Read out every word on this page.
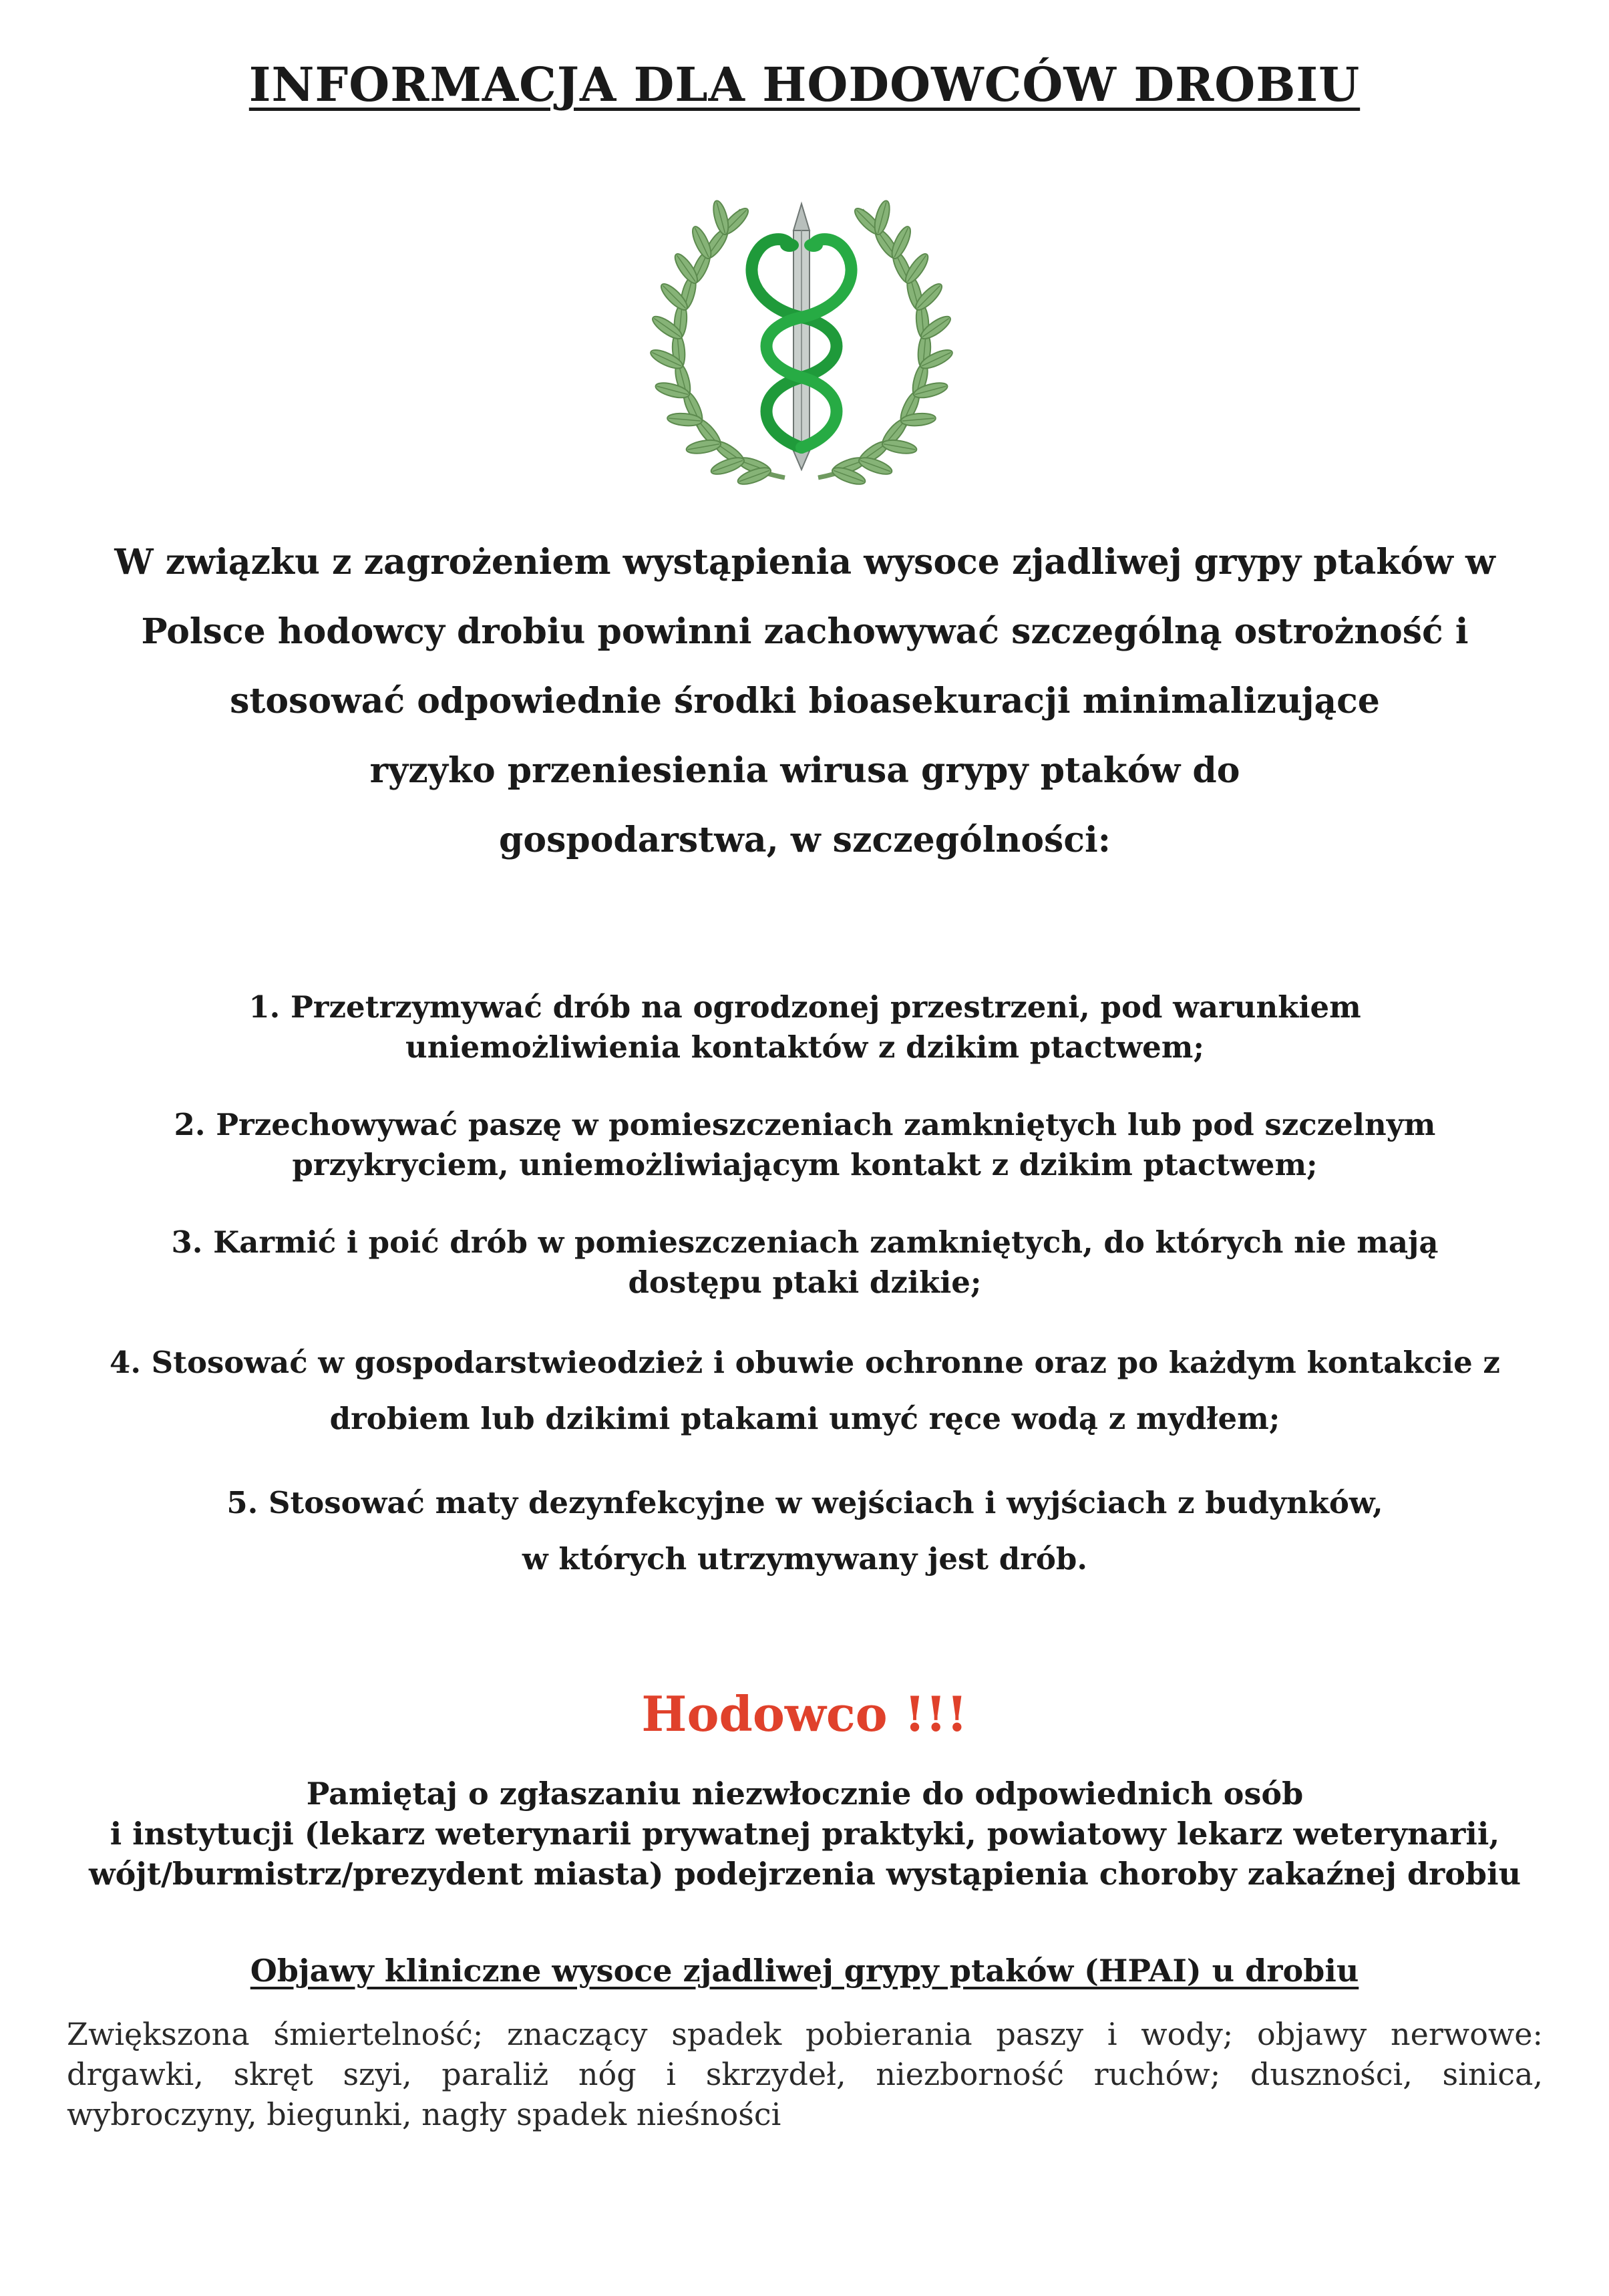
INFORMACJA DLA HODOWCÓW DROBIU
W związku z zagrożeniem wystąpienia wysoce zjadliwej grypy ptaków w
Polsce hodowcy drobiu powinni zachowywać szczególną ostrożność i
stosować odpowiednie środki bioasekuracji minimalizujące
ryzyko przeniesienia wirusa grypy ptaków do
gospodarstwa, w szczególności:
1. Przetrzymywać drób na ogrodzonej przestrzeni, pod warunkiem
uniemożliwienia kontaktów z dzikim ptactwem;
2. Przechowywać paszę w pomieszczeniach zamkniętych lub pod szczelnym
przykryciem, uniemożliwiającym kontakt z dzikim ptactwem;
3. Karmić i poić drób w pomieszczeniach zamkniętych, do których nie mają
dostępu ptaki dzikie;
4. Stosować w gospodarstwieodzież i obuwie ochronne oraz po każdym kontakcie z
drobiem lub dzikimi ptakami umyć ręce wodą z mydłem;
5. Stosować maty dezynfekcyjne w wejściach i wyjściach z budynków,
w których utrzymywany jest drób.
Hodowco !!!
Pamiętaj o zgłaszaniu niezwłocznie do odpowiednich osób
i instytucji (lekarz weterynarii prywatnej praktyki, powiatowy lekarz weterynarii,
wójt/burmistrz/prezydent miasta) podejrzenia wystąpienia choroby zakaźnej drobiu
Objawy kliniczne wysoce zjadliwej grypy ptaków (HPAI) u drobiu
Zwiększona śmiertelność; znaczący spadek pobierania paszy i wody; objawy nerwowe:
drgawki, skręt szyi, paraliż nóg i skrzydeł, niezborność ruchów; duszności, sinica,
wybroczyny, biegunki, nagły spadek nieśności
